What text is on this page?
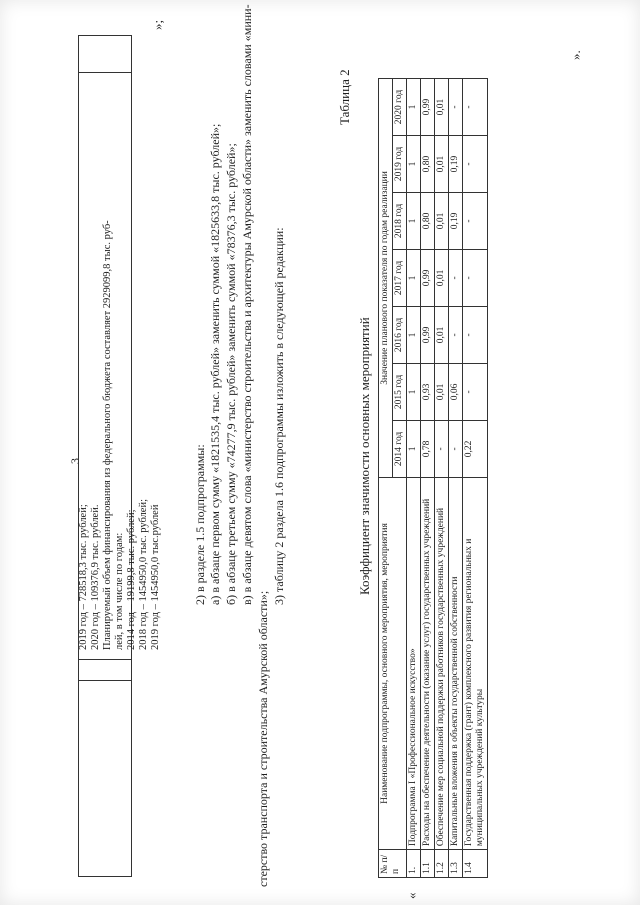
3
2019 год – 728518,3 тыс. рублей; 2020 год – 109376,9 тыс. рублей. Планируемый объем финансирования из федерального бюджета составляет 2929099,8 тыс. руб- лей, в том числе по годам: 2014 год – 19199,8 тыс. рублей; 2018 год – 1454950,0 тыс. рублей; 2019 год – 1454950,0 тыс.рублей
»;
2) в разделе 1.5 подпрограммы: а) в абзаце первом сумму «1821535,4 тыс. рублей» заменить суммой «1825633,8 тыс. рублей»; б) в абзаце третьем сумму «74277,9 тыс. рублей» заменить суммой «78376,3 тыс. рублей»; в) в абзаце девятом слова «министерство строительства и архитектуры Амурской области» заменить словами «мини-
стерство транспорта и строительства Амурской области»;
3) таблицу 2 раздела 1.6 подпрограммы изложить в следующей редакции:
Таблица 2
Коэффициент значимости основных мероприятий
«
№ п/п	Наименование подпрограммы, основного мероприятия, мероприятия	Значение планового показателя по годам реализации						
		2014 год	2015 год	2016 год	2017 год	2018 год	2019 год	2020 год
1.	Подпрограмма I «Профессиональное искусство»	1	1	1	1	1	1	1
1.1	Расходы на обеспечение деятельности (оказание услуг) государственных учреждений	0,78	0,93	0,99	0,99	0,80	0,80	0,99
1.2	Обеспечение мер социальной поддержки работников государственных учреждений	-	0,01	0,01	0,01	0,01	0,01	0,01
1.3	Капитальные вложения в объекты государственной собственности	-	0,06	-	-	0,19	0,19	-
1.4	Государственная поддержка (грант) комплексного развития региональных и муниципальных учреждений культуры	0,22	-	-	-	-	-	-
».
